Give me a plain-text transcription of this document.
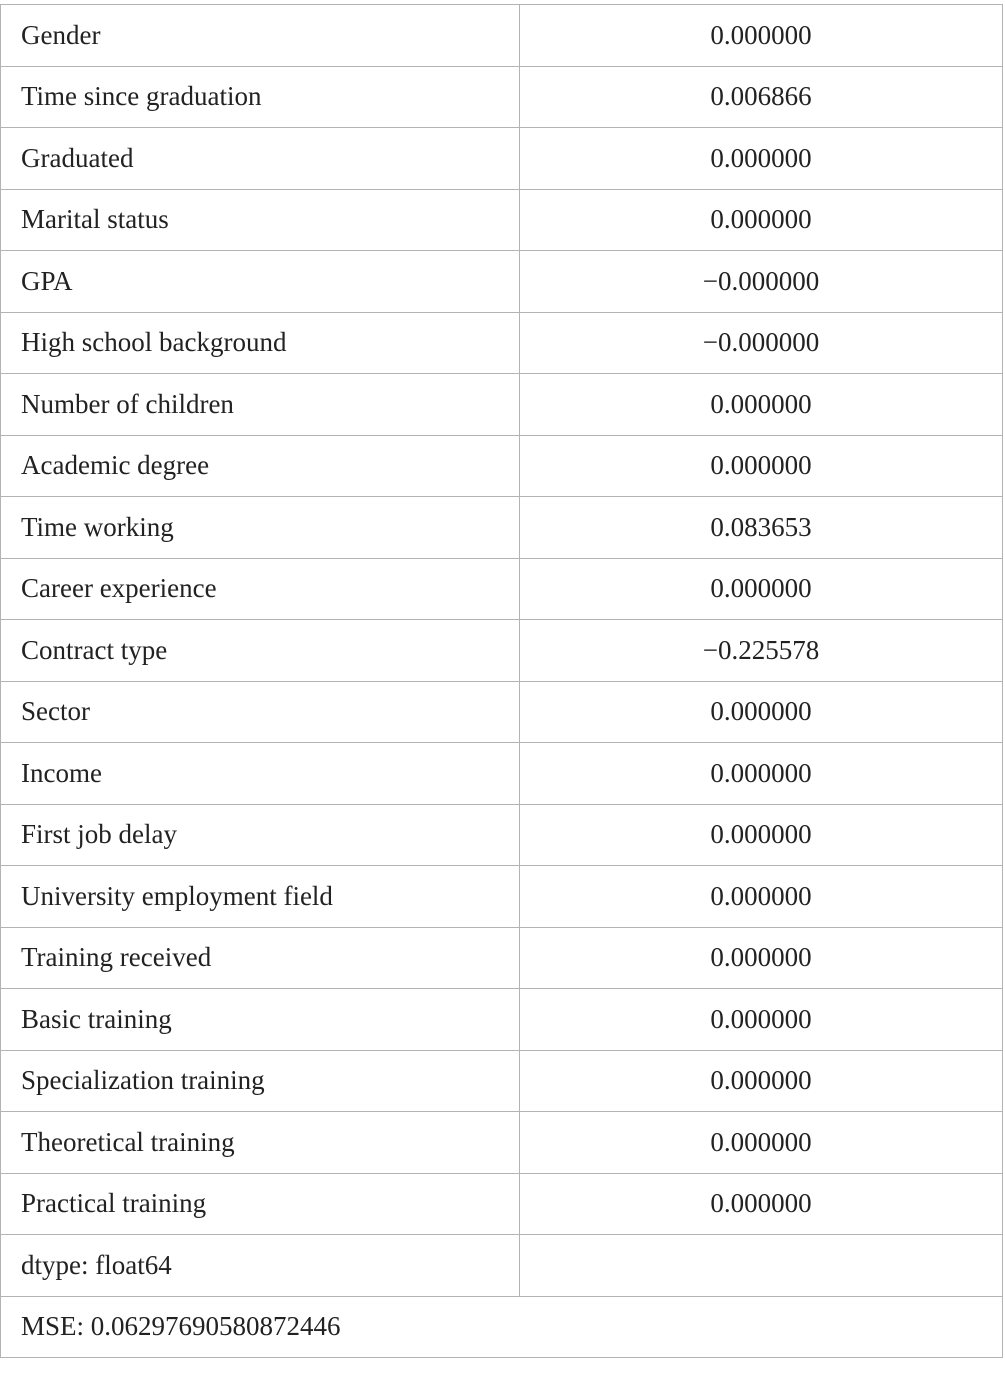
Gender	0.000000
Time since graduation	0.006866
Graduated	0.000000
Marital status	0.000000
GPA	−0.000000
High school background	−0.000000
Number of children	0.000000
Academic degree	0.000000
Time working	0.083653
Career experience	0.000000
Contract type	−0.225578
Sector	0.000000
Income	0.000000
First job delay	0.000000
University employment field	0.000000
Training received	0.000000
Basic training	0.000000
Specialization training	0.000000
Theoretical training	0.000000
Practical training	0.000000
dtype: float64	
MSE: 0.06297690580872446	
